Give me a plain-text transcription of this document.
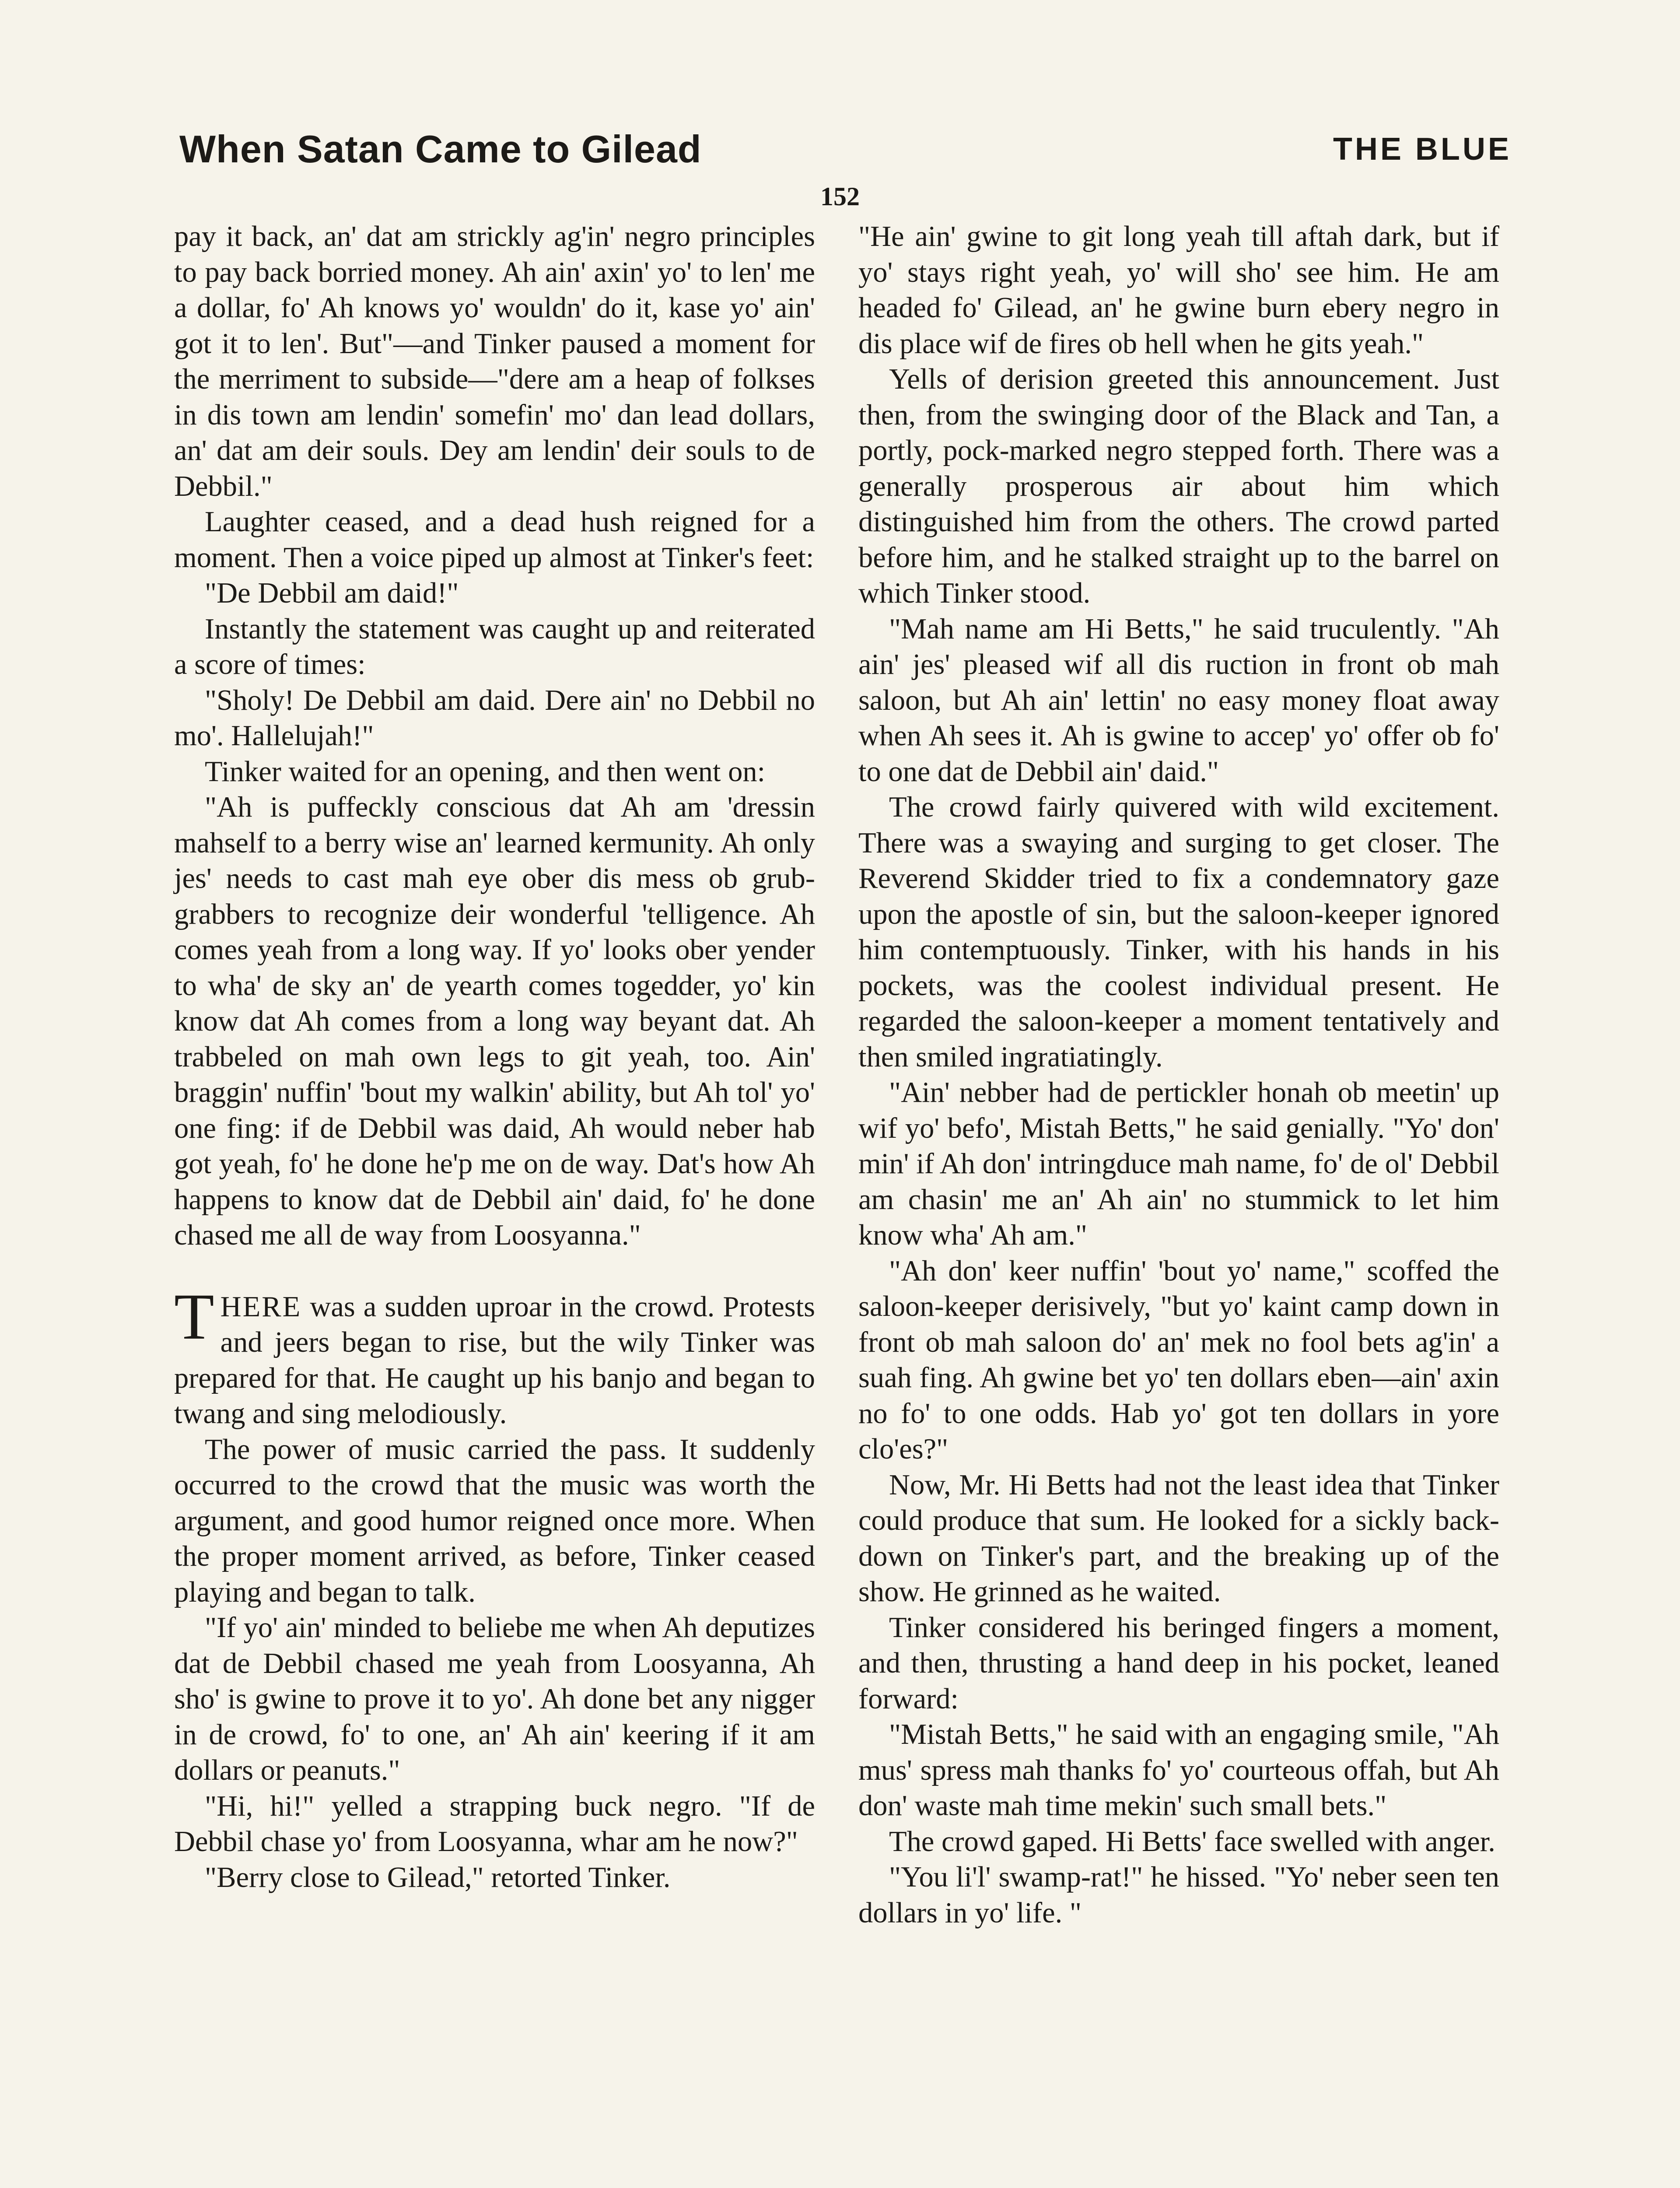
When Satan Came to Gilead	THE BLUE
152

pay it back, an' dat am strickly ag'in' negro principles to pay back borried money. Ah ain' axin' yo' to len' me a dollar, fo' Ah knows yo' wouldn' do it, kase yo' ain' got it to len'. But"—and Tinker paused a moment for the merriment to subside—"dere am a heap of folkses in dis town am lendin' somefin' mo' dan lead dollars, an' dat am deir souls. Dey am lendin' deir souls to de Debbil."

Laughter ceased, and a dead hush reigned for a moment. Then a voice piped up almost at Tinker's feet:

"De Debbil am daid!"

Instantly the statement was caught up and reiterated a score of times:

"Sholy! De Debbil am daid. Dere ain' no Debbil no mo'. Hallelujah!"

Tinker waited for an opening, and then went on:

"Ah is puffeckly conscious dat Ah am 'dressin mahself to a berry wise an' learned kermunity. Ah only jes' needs to cast mah eye ober dis mess ob grub-grabbers to recognize deir wonderful 'telligence. Ah comes yeah from a long way. If yo' looks ober yender to wha' de sky an' de yearth comes togedder, yo' kin know dat Ah comes from a long way beyant dat. Ah trabbeled on mah own legs to git yeah, too. Ain' braggin' nuffin' 'bout my walkin' ability, but Ah tol' yo' one fing: if de Debbil was daid, Ah would neber hab got yeah, fo' he done he'p me on de way. Dat's how Ah happens to know dat de Debbil ain' daid, fo' he done chased me all de way from Loosyanna."

THERE was a sudden uproar in the crowd. Protests and jeers began to rise, but the wily Tinker was prepared for that. He caught up his banjo and began to twang and sing melodiously.

The power of music carried the pass. It suddenly occurred to the crowd that the music was worth the argument, and good humor reigned once more. When the proper moment arrived, as before, Tinker ceased playing and began to talk.

"If yo' ain' minded to beliebe me when Ah deputizes dat de Debbil chased me yeah from Loosyanna, Ah sho' is gwine to prove it to yo'. Ah done bet any nigger in de crowd, fo' to one, an' Ah ain' keering if it am dollars or peanuts."

"Hi, hi!" yelled a strapping buck negro. "If de Debbil chase yo' from Loosyanna, whar am he now?"

"Berry close to Gilead," retorted Tinker.

"He ain' gwine to git long yeah till aftah dark, but if yo' stays right yeah, yo' will sho' see him. He am headed fo' Gilead, an' he gwine burn ebery negro in dis place wif de fires ob hell when he gits yeah."

Yells of derision greeted this announcement. Just then, from the swinging door of the Black and Tan, a portly, pock-marked negro stepped forth. There was a generally prosperous air about him which distinguished him from the others. The crowd parted before him, and he stalked straight up to the barrel on which Tinker stood.

"Mah name am Hi Betts," he said truculently. "Ah ain' jes' pleased wif all dis ruction in front ob mah saloon, but Ah ain' lettin' no easy money float away when Ah sees it. Ah is gwine to accep' yo' offer ob fo' to one dat de Debbil ain' daid."

The crowd fairly quivered with wild excitement. There was a swaying and surging to get closer. The Reverend Skidder tried to fix a condemnatory gaze upon the apostle of sin, but the saloon-keeper ignored him contemptuously. Tinker, with his hands in his pockets, was the coolest individual present. He regarded the saloon-keeper a moment tentatively and then smiled ingratiatingly.

"Ain' nebber had de pertickler honah ob meetin' up wif yo' befo', Mistah Betts," he said genially. "Yo' don' min' if Ah don' intringduce mah name, fo' de ol' Debbil am chasin' me an' Ah ain' no stummick to let him know wha' Ah am."

"Ah don' keer nuffin' 'bout yo' name," scoffed the saloon-keeper derisively, "but yo' kaint camp down in front ob mah saloon do' an' mek no fool bets ag'in' a suah fing. Ah gwine bet yo' ten dollars eben—ain' axin no fo' to one odds. Hab yo' got ten dollars in yore clo'es?"

Now, Mr. Hi Betts had not the least idea that Tinker could produce that sum. He looked for a sickly back-down on Tinker's part, and the breaking up of the show. He grinned as he waited.

Tinker considered his beringed fingers a moment, and then, thrusting a hand deep in his pocket, leaned forward:

"Mistah Betts," he said with an engaging smile, "Ah mus' spress mah thanks fo' yo' courteous offah, but Ah don' waste mah time mekin' such small bets."

The crowd gaped. Hi Betts' face swelled with anger.

"You li'l' swamp-rat!" he hissed. "Yo' neber seen ten dollars in yo' life. "
